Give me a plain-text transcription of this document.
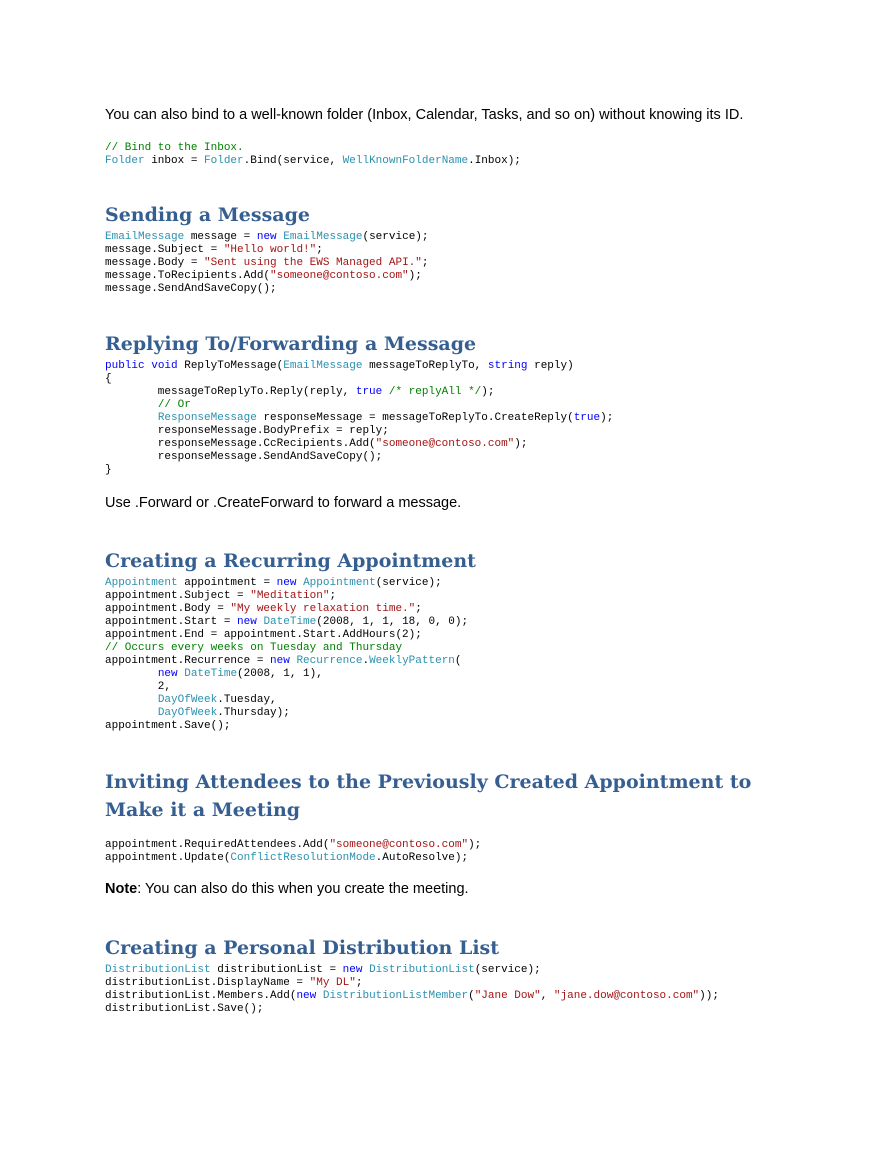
You can also bind to a well-known folder (Inbox, Calendar, Tasks, and so on) without knowing its ID.

// Bind to the Inbox.
Folder inbox = Folder.Bind(service, WellKnownFolderName.Inbox);
Sending a Message
EmailMessage message = new EmailMessage(service);
message.Subject = "Hello world!";
message.Body = "Sent using the EWS Managed API.";
message.ToRecipients.Add("someone@contoso.com");
message.SendAndSaveCopy();
Replying To/Forwarding a Message
public void ReplyToMessage(EmailMessage messageToReplyTo, string reply)
{
messageToReplyTo.Reply(reply, true /* replyAll */);
// Or
ResponseMessage responseMessage = messageToReplyTo.CreateReply(true);
responseMessage.BodyPrefix = reply;
responseMessage.CcRecipients.Add("someone@contoso.com");
responseMessage.SendAndSaveCopy();
}

Use .Forward or .CreateForward to forward a message.

Creating a Recurring Appointment
Appointment appointment = new Appointment(service);
appointment.Subject = "Meditation";
appointment.Body = "My weekly relaxation time.";
appointment.Start = new DateTime(2008, 1, 1, 18, 0, 0);
appointment.End = appointment.Start.AddHours(2);
// Occurs every weeks on Tuesday and Thursday
appointment.Recurrence = new Recurrence.WeeklyPattern(
new DateTime(2008, 1, 1),
2,
DayOfWeek.Tuesday,
DayOfWeek.Thursday);
appointment.Save();
Inviting Attendees to the Previously Created Appointment to Make it a Meeting
appointment.RequiredAttendees.Add("someone@contoso.com");
appointment.Update(ConflictResolutionMode.AutoResolve);

Note: You can also do this when you create the meeting.

Creating a Personal Distribution List
DistributionList distributionList = new DistributionList(service);
distributionList.DisplayName = "My DL";
distributionList.Members.Add(new DistributionListMember("Jane Dow", "jane.dow@contoso.com"));
distributionList.Save();
